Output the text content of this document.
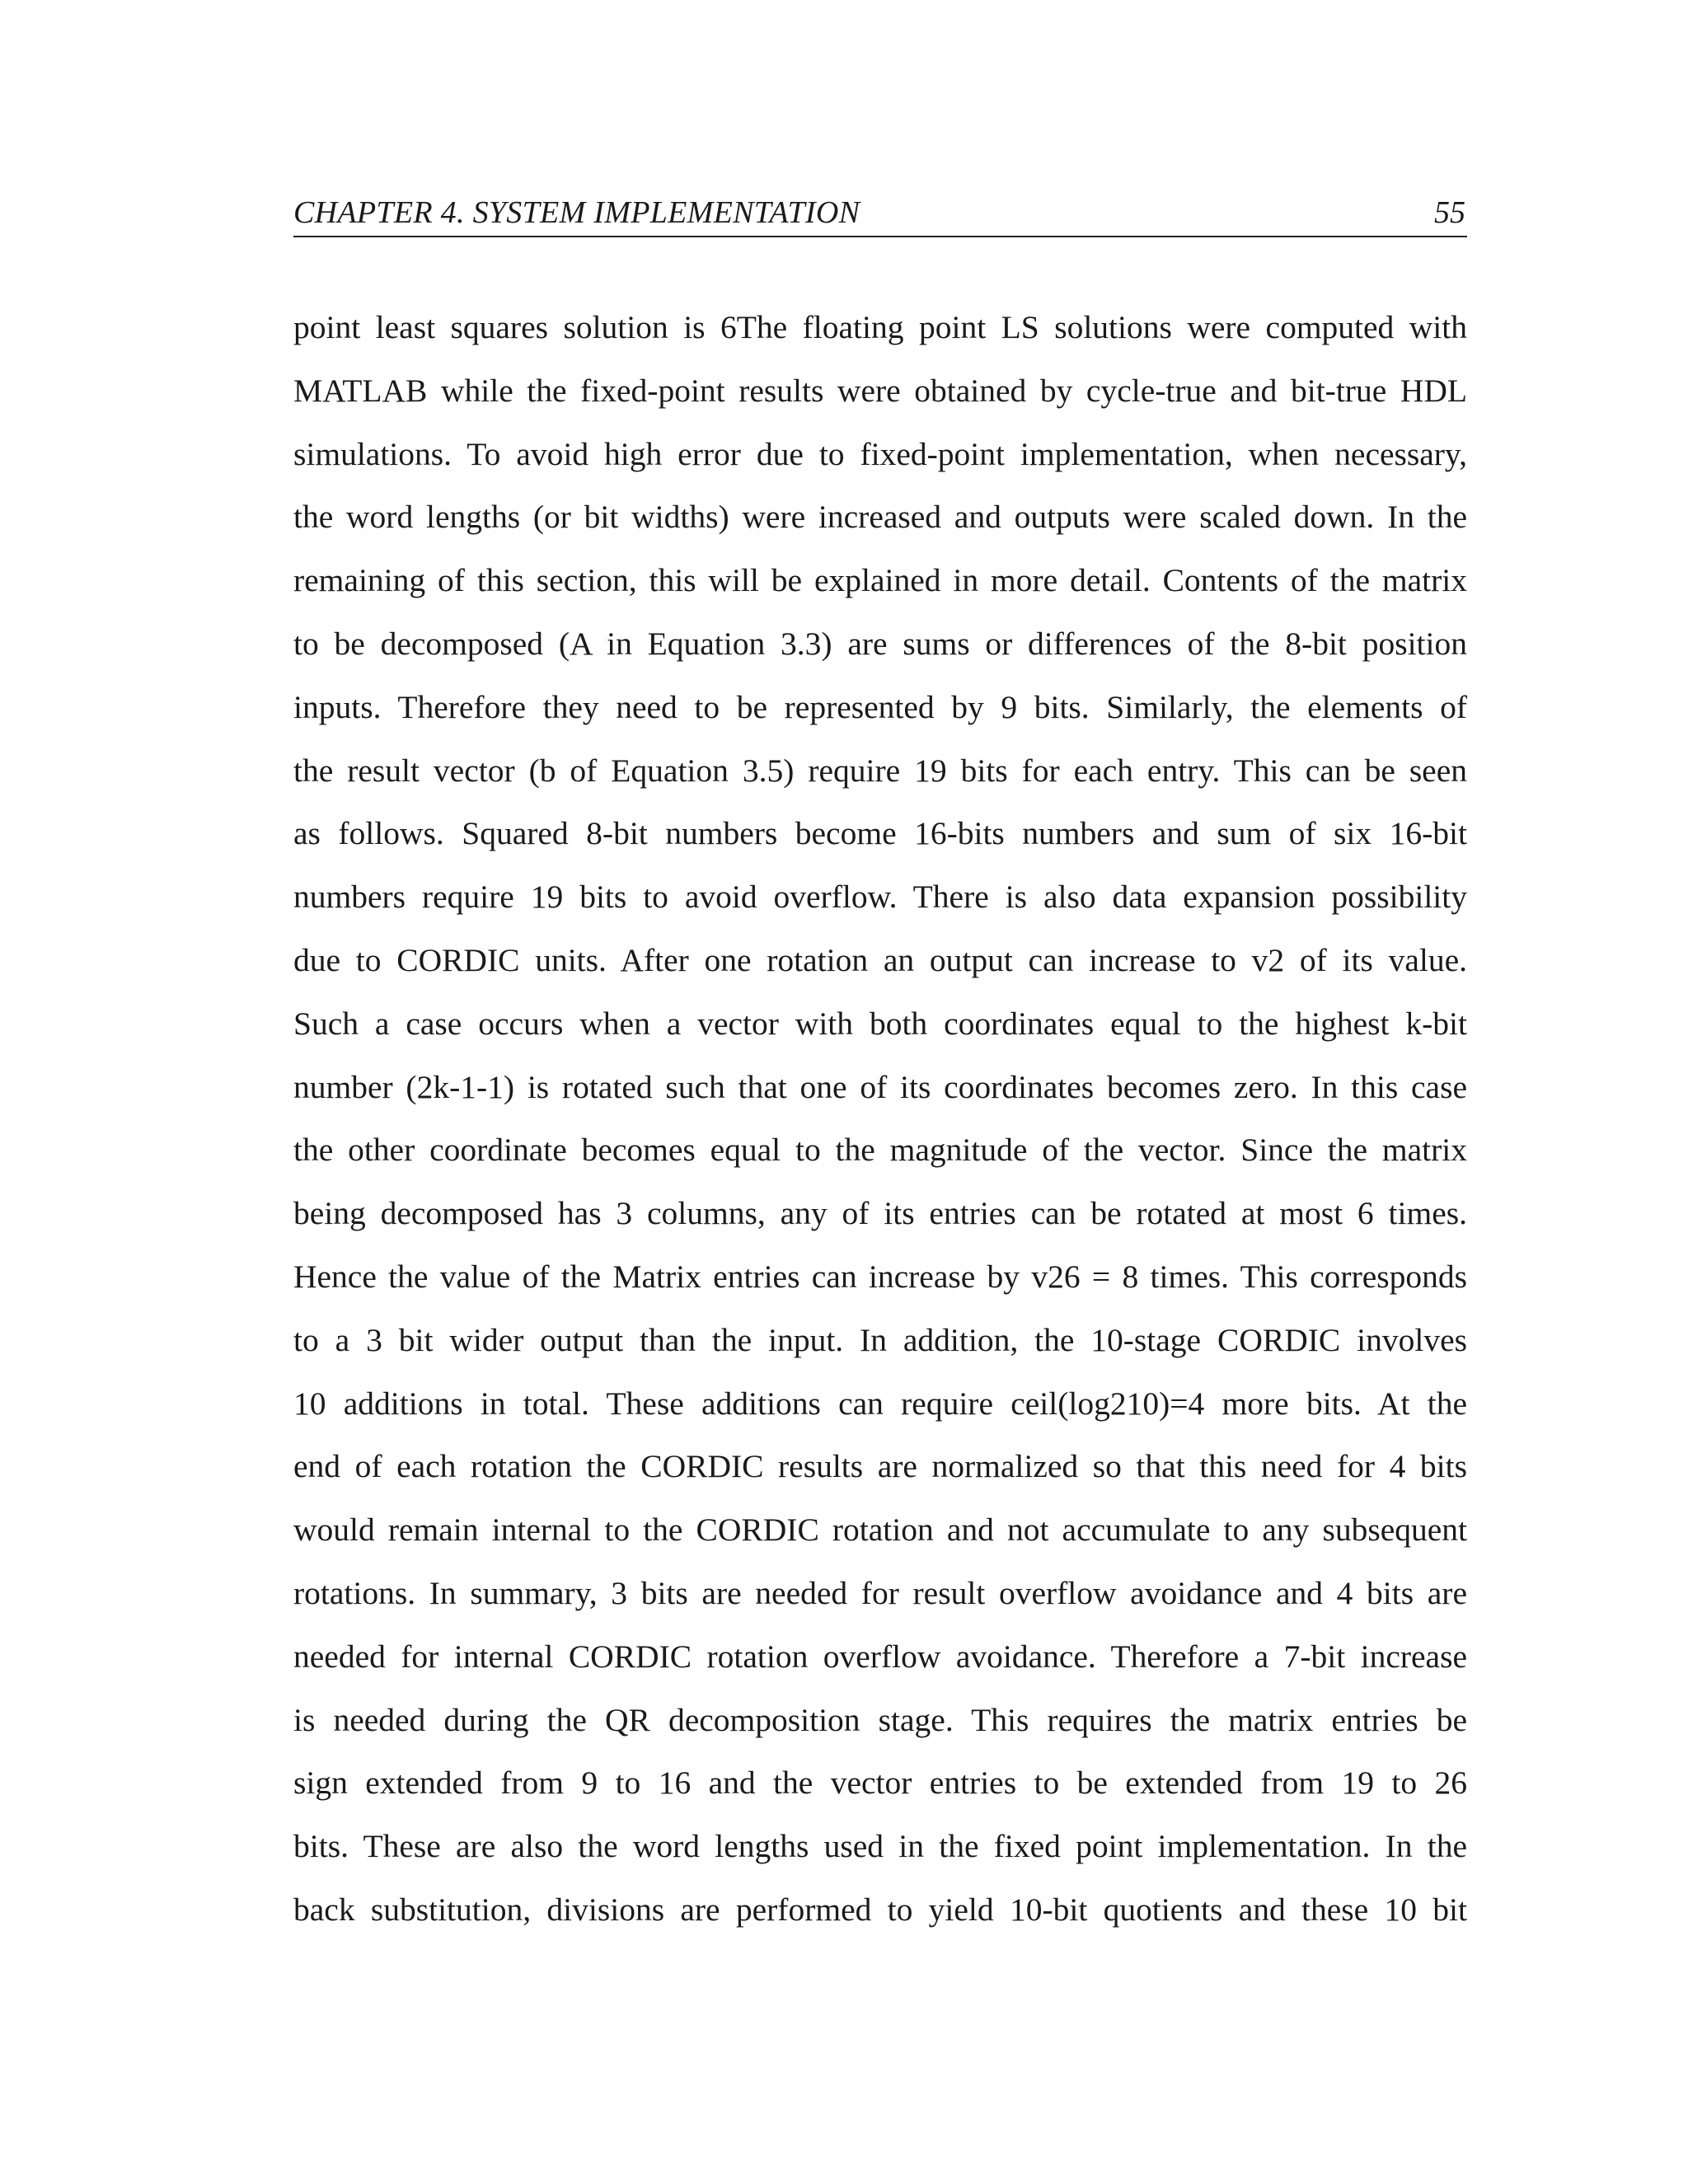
CHAPTER 4. SYSTEM IMPLEMENTATION	55
point least squares solution is 6The floating point LS solutions were computed with
MATLAB while the fixed-point results were obtained by cycle-true and bit-true HDL
simulations. To avoid high error due to fixed-point implementation, when necessary,
the word lengths (or bit widths) were increased and outputs were scaled down. In the
remaining of this section, this will be explained in more detail. Contents of the matrix
to be decomposed (A in Equation 3.3) are sums or differences of the 8-bit position
inputs. Therefore they need to be represented by 9 bits. Similarly, the elements of
the result vector (b of Equation 3.5) require 19 bits for each entry. This can be seen
as follows. Squared 8-bit numbers become 16-bits numbers and sum of six 16-bit
numbers require 19 bits to avoid overflow. There is also data expansion possibility
due to CORDIC units. After one rotation an output can increase to v2 of its value.
Such a case occurs when a vector with both coordinates equal to the highest k-bit
number (2k-1-1) is rotated such that one of its coordinates becomes zero. In this case
the other coordinate becomes equal to the magnitude of the vector. Since the matrix
being decomposed has 3 columns, any of its entries can be rotated at most 6 times.
Hence the value of the Matrix entries can increase by v26 = 8 times. This corresponds
to a 3 bit wider output than the input. In addition, the 10-stage CORDIC involves
10 additions in total. These additions can require ceil(log210)=4 more bits. At the
end of each rotation the CORDIC results are normalized so that this need for 4 bits
would remain internal to the CORDIC rotation and not accumulate to any subsequent
rotations. In summary, 3 bits are needed for result overflow avoidance and 4 bits are
needed for internal CORDIC rotation overflow avoidance. Therefore a 7-bit increase
is needed during the QR decomposition stage. This requires the matrix entries be
sign extended from 9 to 16 and the vector entries to be extended from 19 to 26
bits. These are also the word lengths used in the fixed point implementation. In the
back substitution, divisions are performed to yield 10-bit quotients and these 10 bit
